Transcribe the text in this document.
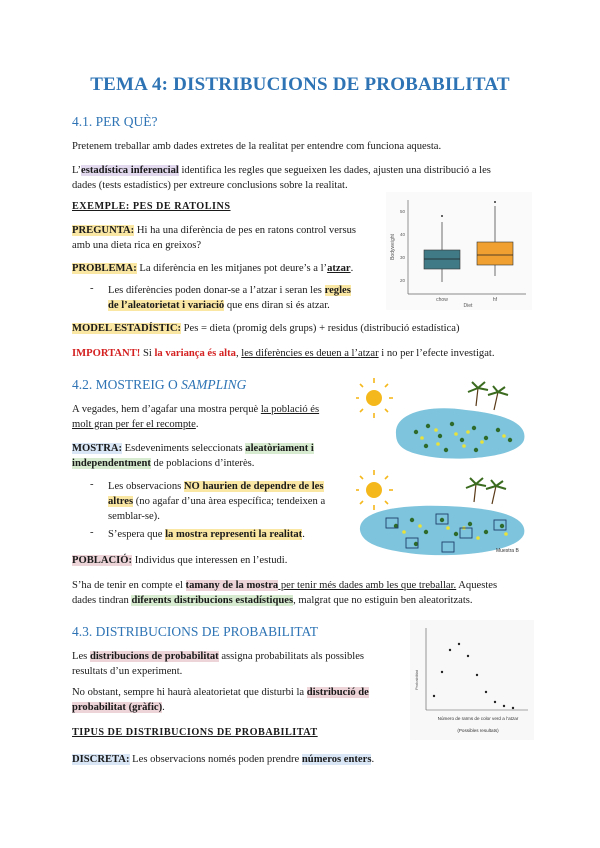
TEMA 4: DISTRIBUCIONS DE PROBABILITAT
4.1. PER QUÈ?
Pretenem treballar amb dades extretes de la realitat per entendre com funciona aquesta.
L’estadística inferencial identifica les regles que segueixen les dades, ajusten una distribució a les
dades (tests estadístics) per extreure conclusions sobre la realitat.
EXEMPLE: PES DE RATOLINS
PREGUNTA: Hi ha una diferència de pes en ratons control versus
amb una dieta rica en greixos?
PROBLEMA: La diferència en les mitjanes pot deure’s a l’atzar.
- Les diferències poden donar-se a l’atzar i seran les regles
de l’aleatorietat i variació que ens diran si és atzar.
MODEL ESTADÍSTIC: Pes = dieta (promig dels grups) + residus (distribució estadística)
IMPORTANT! Si la variança és alta, les diferències es deuen a l’atzar i no per l’efecte investigat.
50
40
30
20
Bodyweight
chow	hf
Diet
4.2. MOSTREIG O SAMPLING
A vegades, hem d’agafar una mostra perquè la població és
molt gran per fer el recompte.
MOSTRA: Esdeveniments seleccionats aleatòriament i
independentment de poblacions d’interès.
- Les observacions NO haurien de dependre de les
altres (no agafar d’una àrea específica; tendeixen a
semblar-se).
- S’espera que la mostra representi la realitat.
POBLACIÓ: Individus que interessen en l’estudi.
S’ha de tenir en compte el tamany de la mostra per tenir més dades amb les que treballar. Aquestes
dades tindran diferents distribucions estadístiques, malgrat que no estiguin ben aleatoritzats.
Muestra B
4.3. DISTRIBUCIONS DE PROBABILITAT
Les distribucions de probabilitat assigna probabilitats als possibles
resultats d’un experiment.
No obstant, sempre hi haurà aleatorietat que disturbi la distribució de
probabilitat (gràfic).
TIPUS DE DISTRIBUCIONS DE PROBABILITAT
DISCRETA: Les observacions només poden prendre números enters.
Probabilitat
Número de raïms de color verd a l’atzar
(Possibles resultats)
